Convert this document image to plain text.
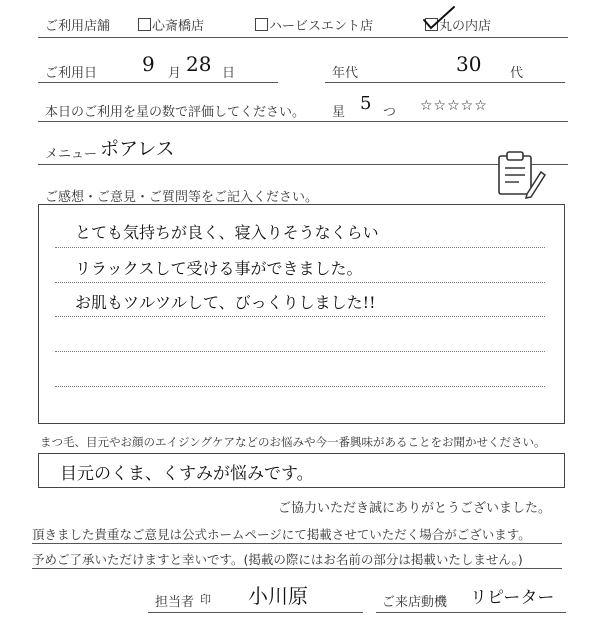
ご利用店舗	心斎橋店	ハービスエント店	丸の内店
ご利用日 9 月 28 日	年代	30 代
本日のご利用を星の数で評価してください。 星 5 つ ☆☆☆☆☆
メニュー ポアレス
ご感想・ご意見・ご質問等をご記入ください。
とても気持ちが良く、寝入りそうなくらい
リラックスして受ける事ができました。
お肌もツルツルして、びっくりしました!!
まつ毛、目元やお顔のエイジングケアなどのお悩みや今一番興味があることをお聞かせください。
目元のくま、くすみが悩みです。
ご協力いただき誠にありがとうございました。
頂きました貴重なご意見は公式ホームページにて掲載させていただく場合がございます。
予めご了承いただけますと幸いです。(掲載の際にはお名前の部分は掲載いたしません。)
担当者 印 小川原	ご来店動機 リピーター
